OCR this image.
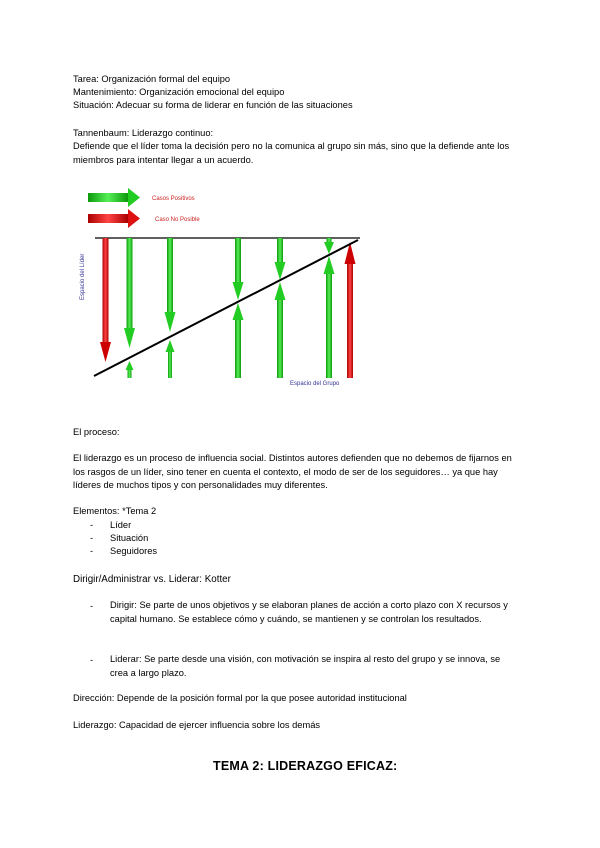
Tarea: Organización formal del equipo
Mantenimiento: Organización emocional del equipo
Situación: Adecuar su forma de liderar en función de las situaciones
Tannenbaum: Liderazgo continuo:
Defiende que el líder toma la decisión pero no la comunica al grupo sin más, sino que la defiende ante los miembros para intentar llegar a un acuerdo.
Casos Positivos
Caso No Posible
Espacio del Líder
Espacio del Grupo
El proceso:
El liderazgo es un proceso de influencia social. Distintos autores defienden que no debemos de fijarnos en los rasgos de un líder, sino tener en cuenta el contexto, el modo de ser de los seguidores… ya que hay líderes de muchos tipos y con personalidades muy diferentes.
Elementos: *Tema 2
- Líder
- Situación
- Seguidores
Dirigir/Administrar vs. Liderar: Kotter
- Dirigir: Se parte de unos objetivos y se elaboran planes de acción a corto plazo con X recursos y capital humano. Se establece cómo y cuándo, se mantienen y se controlan los resultados.
- Liderar: Se parte desde una visión, con motivación se inspira al resto del grupo y se innova, se crea a largo plazo.
Dirección: Depende de la posición formal por la que posee autoridad institucional
Liderazgo: Capacidad de ejercer influencia sobre los demás
TEMA 2: LIDERAZGO EFICAZ:
